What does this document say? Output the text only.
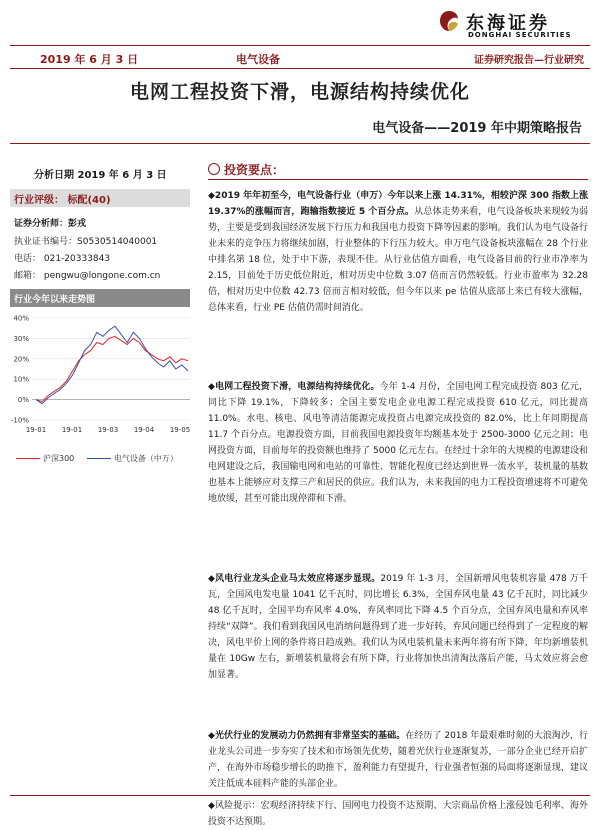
东海证券
DONGHAI SECURITIES
2019 年 6 月 3 日	电气设备	证券研究报告—行业研究
电网工程投资下滑，电源结构持续优化
电气设备——2019 年中期策略报告
分析日期 2019 年 6 月 3 日
行业评级： 标配(40)
证券分析师：彭戎
执业证书编号：S0530514040001
电话： 021-20333843
邮箱： pengwu@longone.com.cn
行业今年以来走势图
40%
30%
20%
10%
0%
-10%
19-01 19-01 19-03 19-04 19-05
沪深300	电气设备（中万）
投资要点：
◆2019 年年初至今，电气设备行业（申万）今年以来上涨 14.31%，相较沪深 300 指数上涨 19.37%的涨幅而言，跑输指数接近 5 个百分点。从总体走势来看，电气设备板块来现较为弱势，主要是受到我国经济发展下行压力和我国电力投资下降等因素的影响。我们认为电气设备行业未来的竞争压力将继续加剧，行业整体的下行压力较大。申万电气设备板块涨幅在 28 个行业中排名第 18 位，处于中下游，表现不佳。从行业估值方面看，电气设备目前的行业市净率为 2.15，目前处于历史低位附近，相对历史中位数 3.07 倍而言仍然较低。行业市盈率为 32.28 倍，相对历史中位数 42.73 倍而言相对较低，但今年以来 pe 估值从底部上来已有较大涨幅，总体来看，行业 PE 估值仍需时间消化。
◆电网工程投资下滑，电源结构持续优化。今年 1-4 月份，全国电网工程完成投资 803 亿元，同比下降 19.1%，下降较多；全国主要发电企业电源工程完成投资 610 亿元，同比提高 11.0%。水电、核电、风电等清洁能源完成投资占电源完成投资的 82.0%，比上年同期提高 11.7 个百分点。电源投资方面，目前我国电源投资年均额基本处于 2500-3000 亿元之间；电网投资方面，目前每年的投资额也维持了 5000 亿元左右。在经过十余年的大规模的电源建设和电网建设之后，我国输电网和电站的可靠性、智能化程度已经达到世界一流水平，装机量的基数也基本上能够应对支撑三产和居民的供应。我们认为，未来我国的电力工程投资增速将不可避免地放缓，甚至可能出现停滞和下滑。
◆风电行业龙头企业马太效应将逐步显现。2019 年 1-3 月，全国新增风电装机容量 478 万千瓦，全国风电发电量 1041 亿千瓦时，同比增长 6.3%，全国弃风电量 43 亿千瓦时，同比减少 48 亿千瓦时，全国平均弃风率 4.0%，弃风率同比下降 4.5 个百分点，全国弃风电量和弃风率持续“双降”。我们看到我国风电消纳问题得到了进一步好转，弃风问题已经得到了一定程度的解决，风电平价上网的条件将日趋成熟。我们认为风电装机量未来两年将有所下降，年均新增装机量在 10Gw 左右，新增装机量将会有所下降，行业将加快出清淘汰落后产能，马太效应将会愈加显著。
◆光伏行业的发展动力仍然拥有非常坚实的基础。在经历了 2018 年最艰难时刻的大浪淘沙，行业龙头公司进一步夯实了技术和市场领先优势，随着光伏行业逐渐复苏，一部分企业已经开启扩产，在海外市场稳步增长的助推下，盈利能力有望提升，行业强者恒强的局面将逐渐显现，建议关注低成本硅料产能的头部企业。
◆风险提示：宏观经济持续下行、国网电力投资不达预期、大宗商品价格上涨侵蚀毛利率、海外投资不达预期。
